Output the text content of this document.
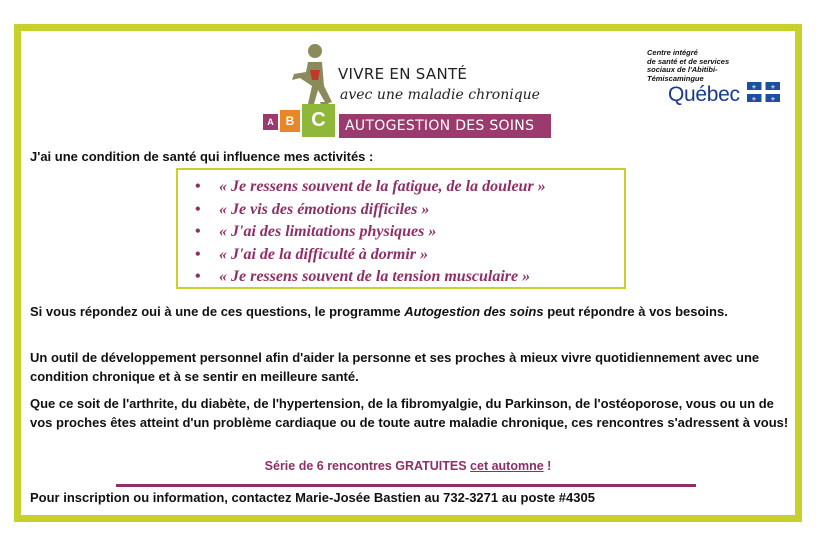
A B C
VIVRE EN SANTÉ
avec une maladie chronique
AUTOGESTION DES SOINS
Centre intégré
de santé et de services
sociaux de l'Abitibi-
Témiscamingue
Québec ⚜ ⚜
⚜ ⚜
J'ai une condition de santé qui influence mes activités :
• « Je ressens souvent de la fatigue, de la douleur »
• « Je vis des émotions difficiles »
• « J'ai des limitations physiques »
• « J'ai de la difficulté à dormir »
• « Je ressens souvent de la tension musculaire »
Si vous répondez oui à une de ces questions, le programme Autogestion des soins peut répondre à vos besoins.
Un outil de développement personnel afin d'aider la personne et ses proches à mieux vivre quotidiennement avec une condition chronique et à se sentir en meilleure santé.
Que ce soit de l'arthrite, du diabète, de l'hypertension, de la fibromyalgie, du Parkinson, de l'ostéoporose, vous ou un de vos proches êtes atteint d'un problème cardiaque ou de toute autre maladie chronique, ces rencontres s'adressent à vous!
Série de 6 rencontres GRATUITES cet automne !
Pour inscription ou information, contactez Marie-Josée Bastien au 732-3271 au poste #4305
